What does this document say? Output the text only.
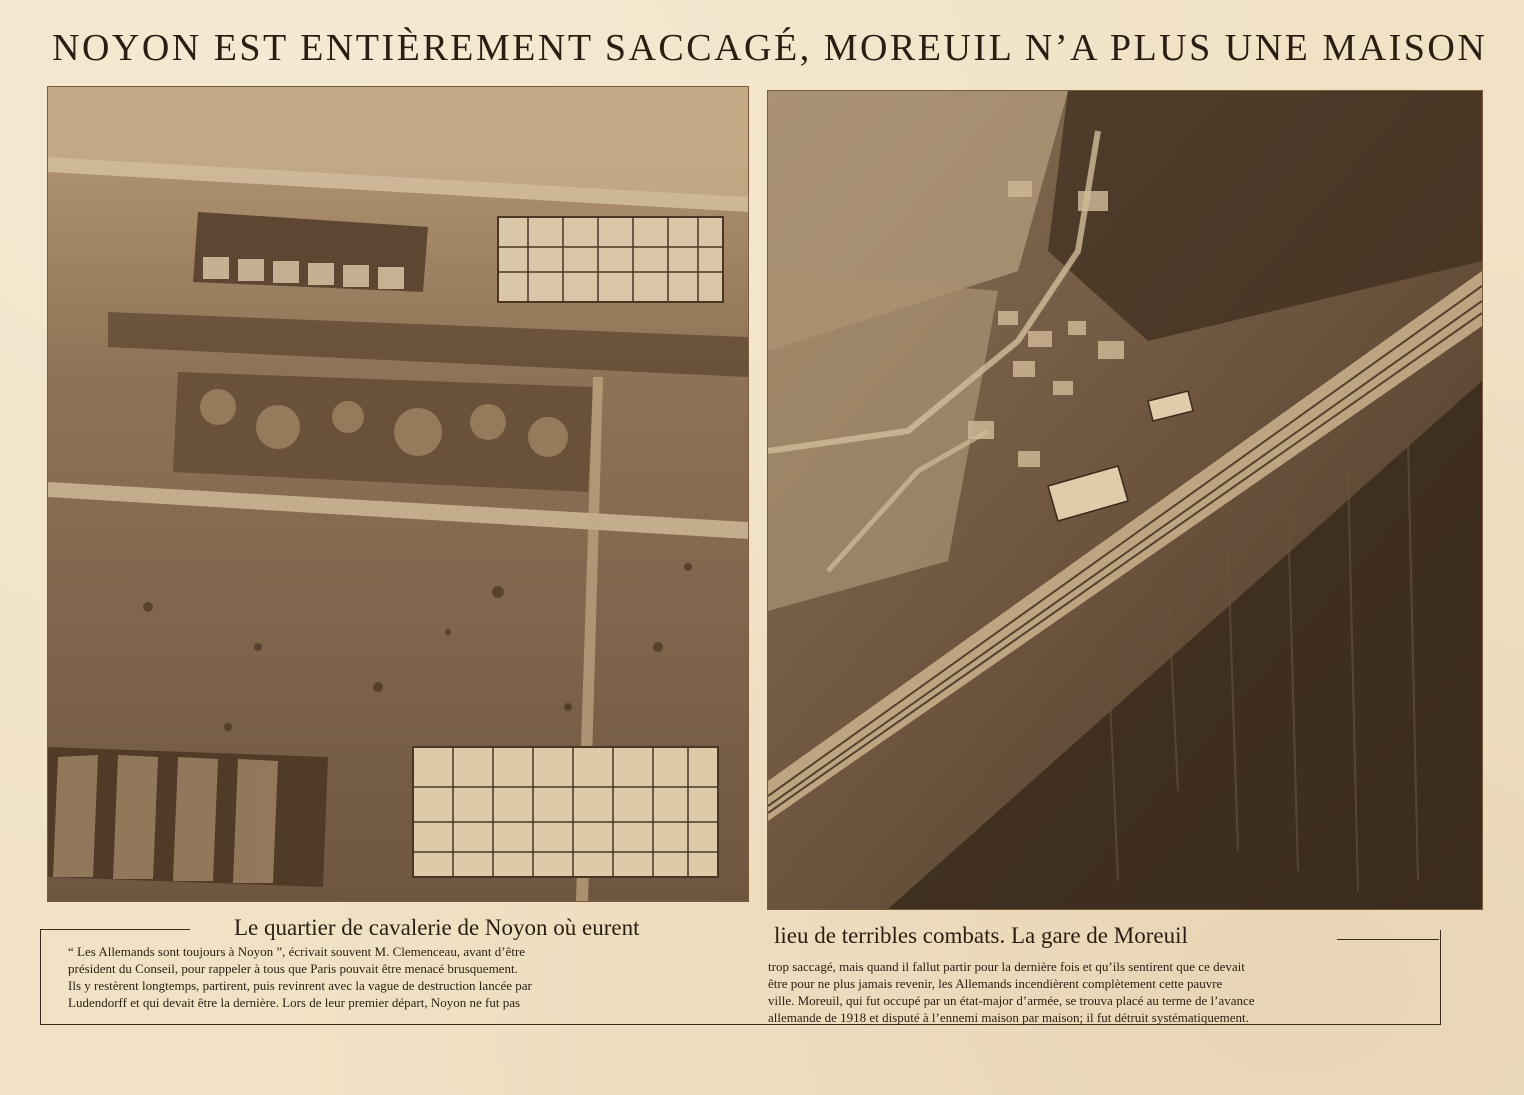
NOYON EST ENTIÈREMENT SACCAGÉ, MOREUIL N’A PLUS UNE MAISON
Le quartier de cavalerie de Noyon où eurent	lieu de terribles combats. La gare de Moreuil

“ Les Allemands sont toujours à Noyon ”, écrivait souvent M. Clemenceau, avant d’être

président du Conseil, pour rappeler à tous que Paris pouvait être menacé brusquement.

Ils y restèrent longtemps, partirent, puis revinrent avec la vague de destruction lancée par

Ludendorff et qui devait être la dernière. Lors de leur premier départ, Noyon ne fut pas

trop saccagé, mais quand il fallut partir pour la dernière fois et qu’ils sentirent que ce devait

être pour ne plus jamais revenir, les Allemands incendièrent complètement cette pauvre

ville. Moreuil, qui fut occupé par un état-major d’armée, se trouva placé au terme de l’avance

allemande de 1918 et disputé à l’ennemi maison par maison; il fut détruit systématiquement.
